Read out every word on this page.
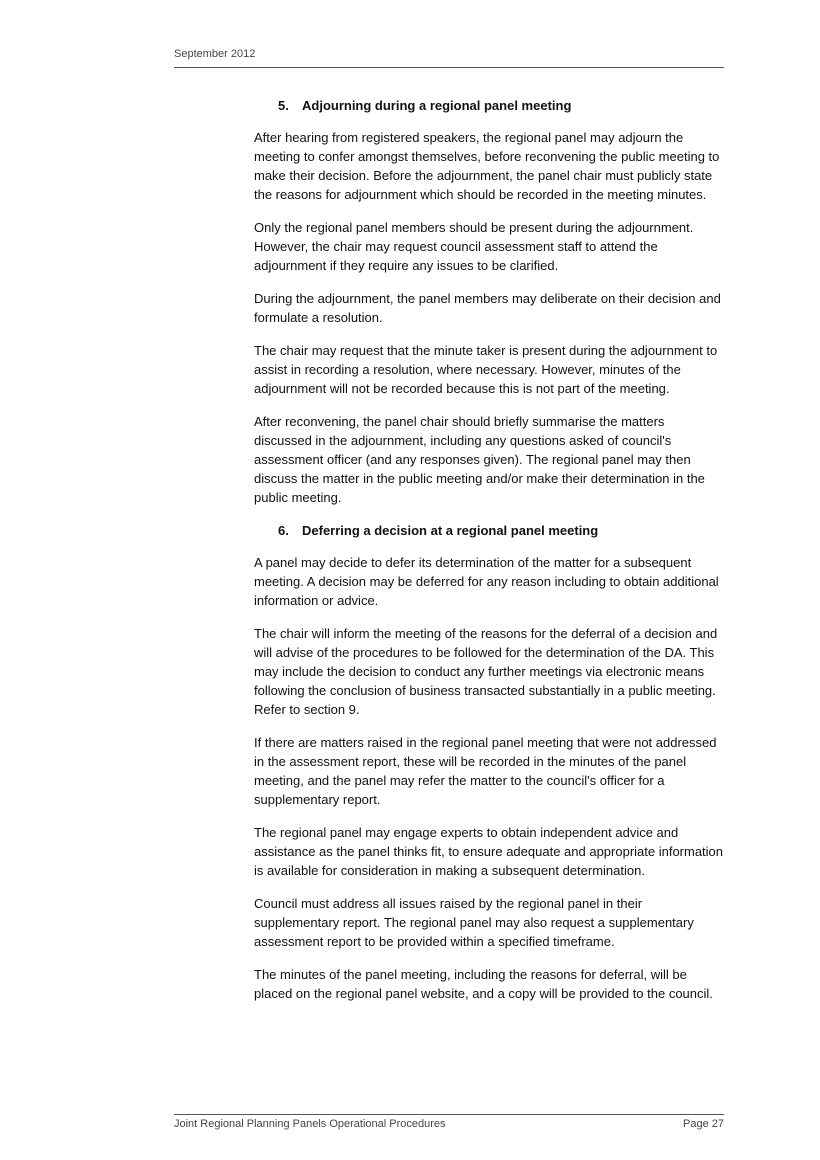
September 2012
5. Adjourning during a regional panel meeting

After hearing from registered speakers, the regional panel may adjourn the meeting to confer amongst themselves, before reconvening the public meeting to make their decision. Before the adjournment, the panel chair must publicly state the reasons for adjournment which should be recorded in the meeting minutes.

Only the regional panel members should be present during the adjournment. However, the chair may request council assessment staff to attend the adjournment if they require any issues to be clarified.

During the adjournment, the panel members may deliberate on their decision and formulate a resolution.

The chair may request that the minute taker is present during the adjournment to assist in recording a resolution, where necessary. However, minutes of the adjournment will not be recorded because this is not part of the meeting.

After reconvening, the panel chair should briefly summarise the matters discussed in the adjournment, including any questions asked of council's assessment officer (and any responses given). The regional panel may then discuss the matter in the public meeting and/or make their determination in the public meeting.

6. Deferring a decision at a regional panel meeting

A panel may decide to defer its determination of the matter for a subsequent meeting. A decision may be deferred for any reason including to obtain additional information or advice.

The chair will inform the meeting of the reasons for the deferral of a decision and will advise of the procedures to be followed for the determination of the DA. This may include the decision to conduct any further meetings via electronic means following the conclusion of business transacted substantially in a public meeting. Refer to section 9.

If there are matters raised in the regional panel meeting that were not addressed in the assessment report, these will be recorded in the minutes of the panel meeting, and the panel may refer the matter to the council's officer for a supplementary report.

The regional panel may engage experts to obtain independent advice and assistance as the panel thinks fit, to ensure adequate and appropriate information is available for consideration in making a subsequent determination.

Council must address all issues raised by the regional panel in their supplementary report. The regional panel may also request a supplementary assessment report to be provided within a specified timeframe.

The minutes of the panel meeting, including the reasons for deferral, will be placed on the regional panel website, and a copy will be provided to the council.

Joint Regional Planning Panels Operational Procedures	Page 27
